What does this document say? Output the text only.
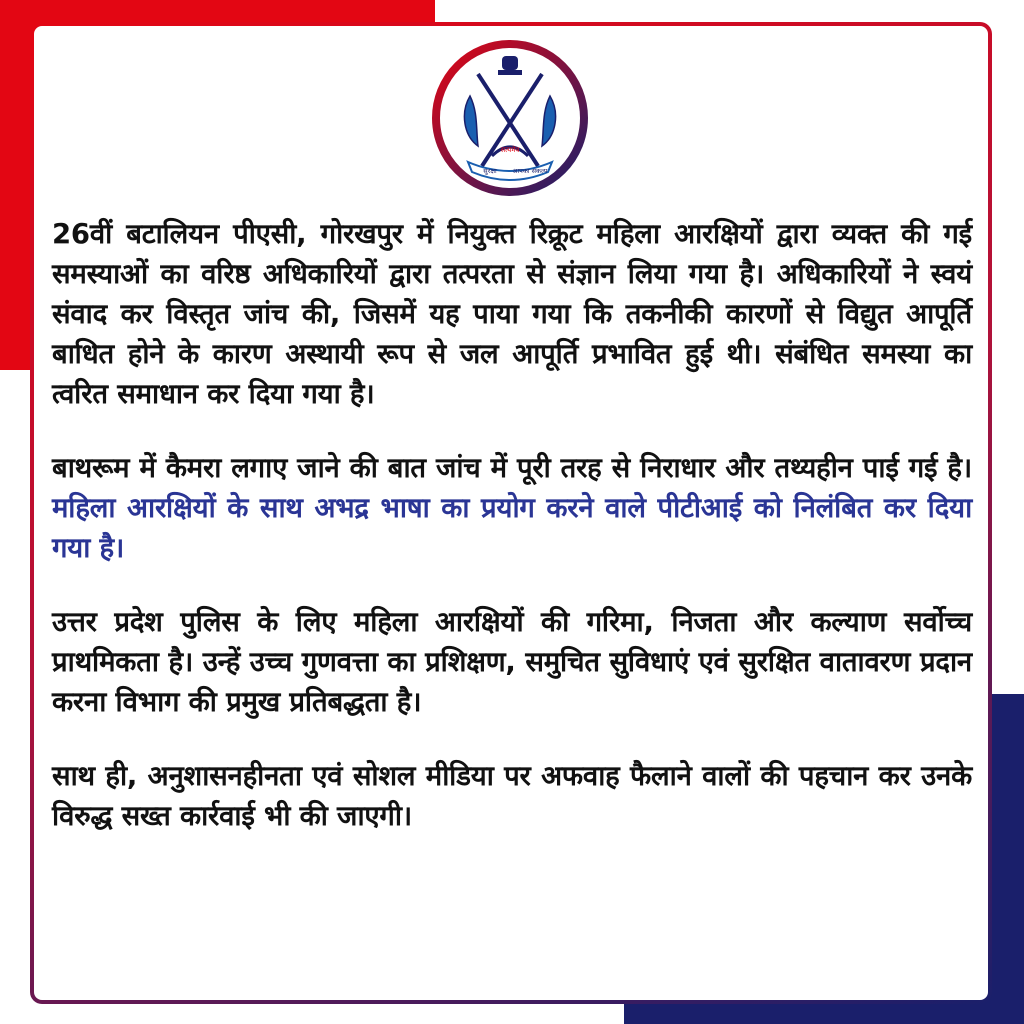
सत्यमेव
सुरक्षा आपका संकल्प

26वीं बटालियन पीएसी, गोरखपुर में नियुक्त रिक्रूट महिला आरक्षियों द्वारा व्यक्त की गई समस्याओं का वरिष्ठ अधिकारियों द्वारा तत्परता से संज्ञान लिया गया है। अधिकारियों ने स्वयं संवाद कर विस्तृत जांच की, जिसमें यह पाया गया कि तकनीकी कारणों से विद्युत आपूर्ति बाधित होने के कारण अस्थायी रूप से जल आपूर्ति प्रभावित हुई थी। संबंधित समस्या का त्वरित समाधान कर दिया गया है।

बाथरूम में कैमरा लगाए जाने की बात जांच में पूरी तरह से निराधार और तथ्यहीन पाई गई है। महिला आरक्षियों के साथ अभद्र भाषा का प्रयोग करने वाले पीटीआई को निलंबित कर दिया गया है।

उत्तर प्रदेश पुलिस के लिए महिला आरक्षियों की गरिमा, निजता और कल्याण सर्वोच्च प्राथमिकता है। उन्हें उच्च गुणवत्ता का प्रशिक्षण, समुचित सुविधाएं एवं सुरक्षित वातावरण प्रदान करना विभाग की प्रमुख प्रतिबद्धता है।

साथ ही, अनुशासनहीनता एवं सोशल मीडिया पर अफवाह फैलाने वालों की पहचान कर उनके विरुद्ध सख्त कार्रवाई भी की जाएगी।
